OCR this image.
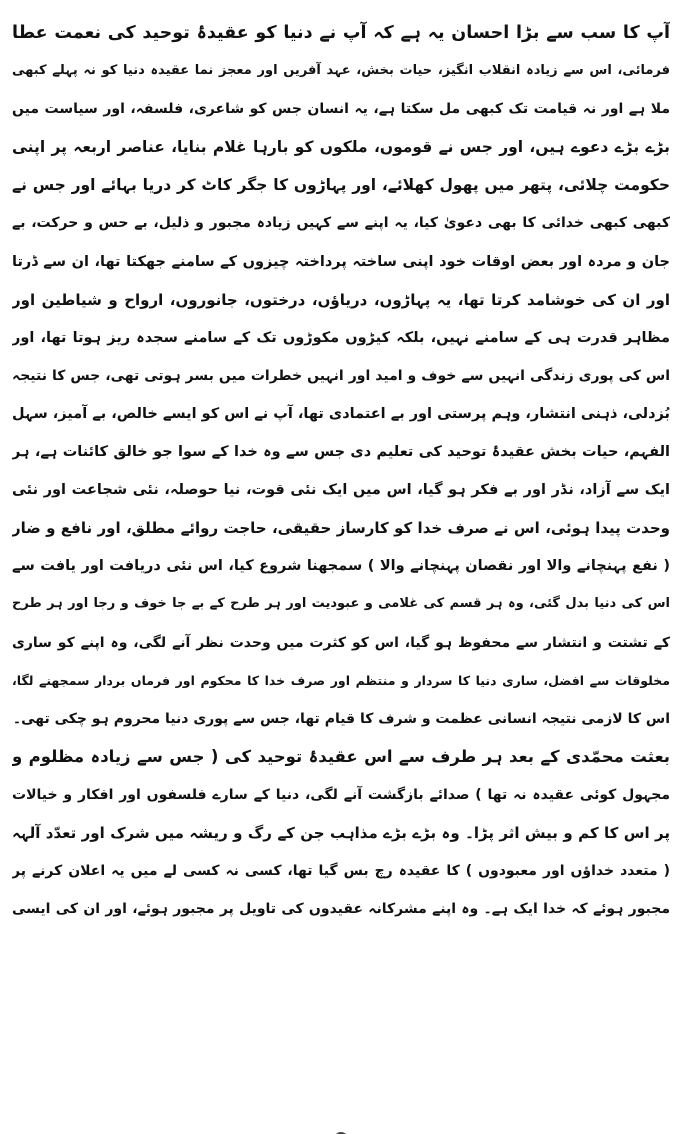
آپ کا سب سے بڑا احسان یہ ہے کہ آپ نے دنیا کو عقیدۂ توحید کی نعمت عطا
فرمائی، اس سے زیادہ انقلاب انگیز، حیات بخش، عہد آفریں اور معجز نما عقیدہ دنیا کو نہ پہلے کبھی
ملا ہے اور نہ قیامت تک کبھی مل سکتا ہے، یہ انسان جس کو شاعری، فلسفہ، اور سیاست میں
بڑے بڑے دعوے ہیں، اور جس نے قوموں، ملکوں کو بارہا غلام بنایا، عناصر اربعہ پر اپنی
حکومت چلائی، پتھر میں پھول کھلائے، اور پہاڑوں کا جگر کاٹ کر دریا بہائے اور جس نے
کبھی کبھی خدائی کا بھی دعویٰ کیا، یہ اپنے سے کہیں زیادہ مجبور و ذلیل، بے حس و حرکت، بے
جان و مردہ اور بعض اوقات خود اپنی ساختہ پرداختہ چیزوں کے سامنے جھکتا تھا، ان سے ڈرتا
اور ان کی خوشامد کرتا تھا، یہ پہاڑوں، دریاؤں، درختوں، جانوروں، ارواح و شیاطین اور
مظاہر قدرت ہی کے سامنے نہیں، بلکہ کیڑوں مکوڑوں تک کے سامنے سجدہ ریز ہوتا تھا، اور
اس کی پوری زندگی انہیں سے خوف و امید اور انہیں خطرات میں بسر ہوتی تھی، جس کا نتیجہ
بُزدلی، ذہنی انتشار، وہم پرستی اور بے اعتمادی تھا، آپ نے اس کو ایسے خالص، بے آمیز، سہل
الفہم، حیات بخش عقیدۂ توحید کی تعلیم دی جس سے وہ خدا کے سوا جو خالق کائنات ہے، ہر
ایک سے آزاد، نڈر اور بے فکر ہو گیا، اس میں ایک نئی قوت، نیا حوصلہ، نئی شجاعت اور نئی
وحدت پیدا ہوئی، اس نے صرف خدا کو کارساز حقیقی، حاجت روائے مطلق، اور نافع و ضار
( نفع پہنچانے والا اور نقصان پہنچانے والا ) سمجھنا شروع کیا، اس نئی دریافت اور یافت سے
اس کی دنیا بدل گئی، وہ ہر قسم کی غلامی و عبودیت اور ہر طرح کے بے جا خوف و رجا اور ہر طرح
کے تشتت و انتشار سے محفوظ ہو گیا، اس کو کثرت میں وحدت نظر آنے لگی، وہ اپنے کو ساری
مخلوقات سے افضل، ساری دنیا کا سردار و منتظم اور صرف خدا کا محکوم اور فرماں بردار سمجھنے لگا،
اس کا لازمی نتیجہ انسانی عظمت و شرف کا قیام تھا، جس سے پوری دنیا محروم ہو چکی تھی۔
بعثت محمّدی کے بعد ہر طرف سے اس عقیدۂ توحید کی ( جس سے زیادہ مظلوم و
مجہول کوئی عقیدہ نہ تھا ) صدائے بازگشت آنے لگی، دنیا کے سارے فلسفوں اور افکار و خیالات
پر اس کا کم و بیش اثر پڑا۔ وہ بڑے بڑے مذاہب جن کے رگ و ریشہ میں شرک اور تعدّد آلہہ
( متعدد خداؤں اور معبودوں ) کا عقیدہ رچ بس گیا تھا، کسی نہ کسی لے میں یہ اعلان کرنے پر
مجبور ہوئے کہ خدا ایک ہے۔ وہ اپنے مشرکانہ عقیدوں کی تاویل پر مجبور ہوئے، اور ان کی ایسی
